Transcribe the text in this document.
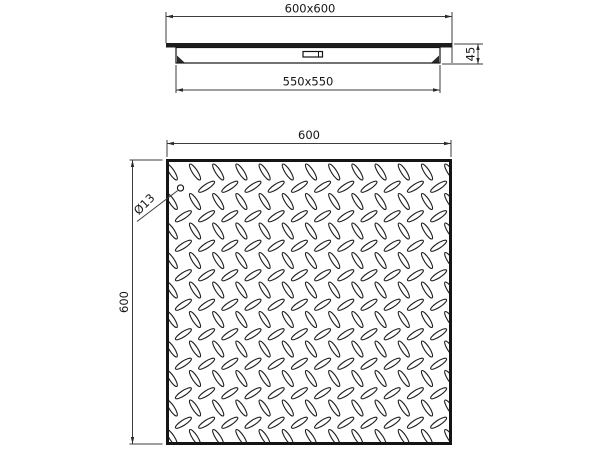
600x600
550x550
45
600
600
Ø13
